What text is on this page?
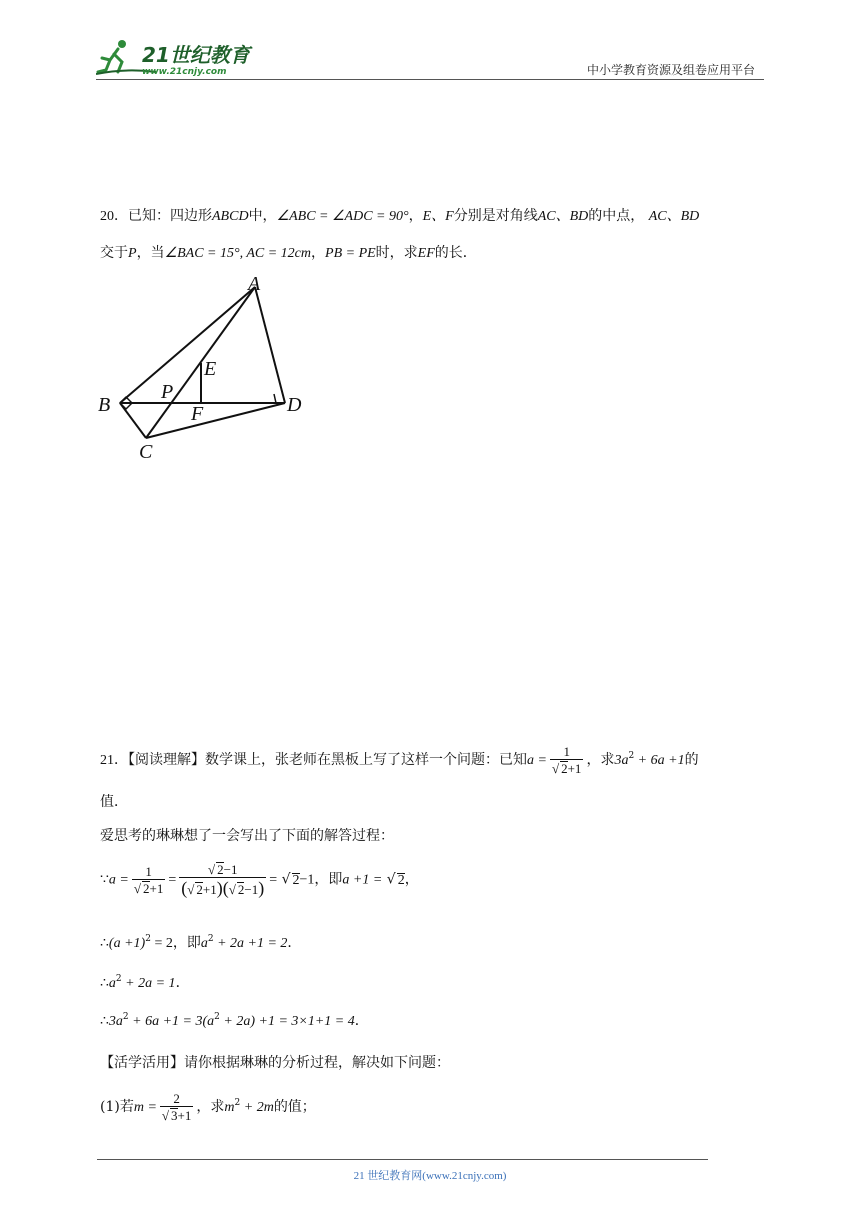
21世纪教育
www.21cnjy.com	中小学教育资源及组卷应用平台
20．已知：四边形ABCD中，∠ABC = ∠ADC = 90°，E、F分别是对角线AC、BD的中点， AC、BD
交于P，当∠BAC = 15°, AC = 12cm，PB = PE时，求EF的长．
A
B
C
D
E
F
P
21．【阅读理解】数学课上，张老师在黑板上写了这样一个问题：已知$a = \frac{1}{√ 2+1}$ ，求$3a^2 + 6a +1$的
值．
爱思考的琳琳想了一会写出了下面的解答过程：
∵a = $\frac{1}{√ 2+1} = \frac{√ 2-1}{(√ 2+1)(√ 2-1)}$ = √ 2−1，即a +1 = √ 2，
∴(a +1)$^2$ = 2，即$a^2 + 2a +1 = 2$．
$\therefore a^2 + 2a = 1$．
$\therefore 3a^2 + 6a +1 = 3(a^2 + 2a) +1 = 3\times 1+1 = 4$．
【活学活用】请你根据琳琳的分析过程，解决如下问题：
(1)若$m = \frac{2}{√ 3+1}$ ，求$m^2 + 2m$的值；
21 世纪教育网(www.21cnjy.com)
